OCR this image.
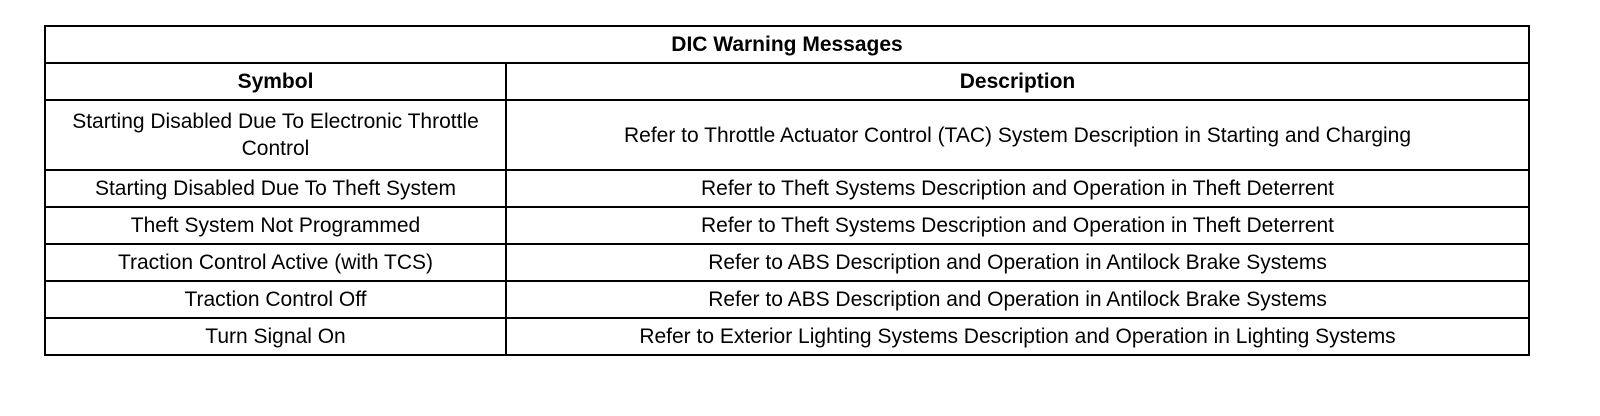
DIC Warning Messages	
Symbol	Description
Starting Disabled Due To Electronic Throttle Control	Refer to Throttle Actuator Control (TAC) System Description in Starting and Charging
Starting Disabled Due To Theft System	Refer to Theft Systems Description and Operation in Theft Deterrent
Theft System Not Programmed	Refer to Theft Systems Description and Operation in Theft Deterrent
Traction Control Active (with TCS)	Refer to ABS Description and Operation in Antilock Brake Systems
Traction Control Off	Refer to ABS Description and Operation in Antilock Brake Systems
Turn Signal On	Refer to Exterior Lighting Systems Description and Operation in Lighting Systems
